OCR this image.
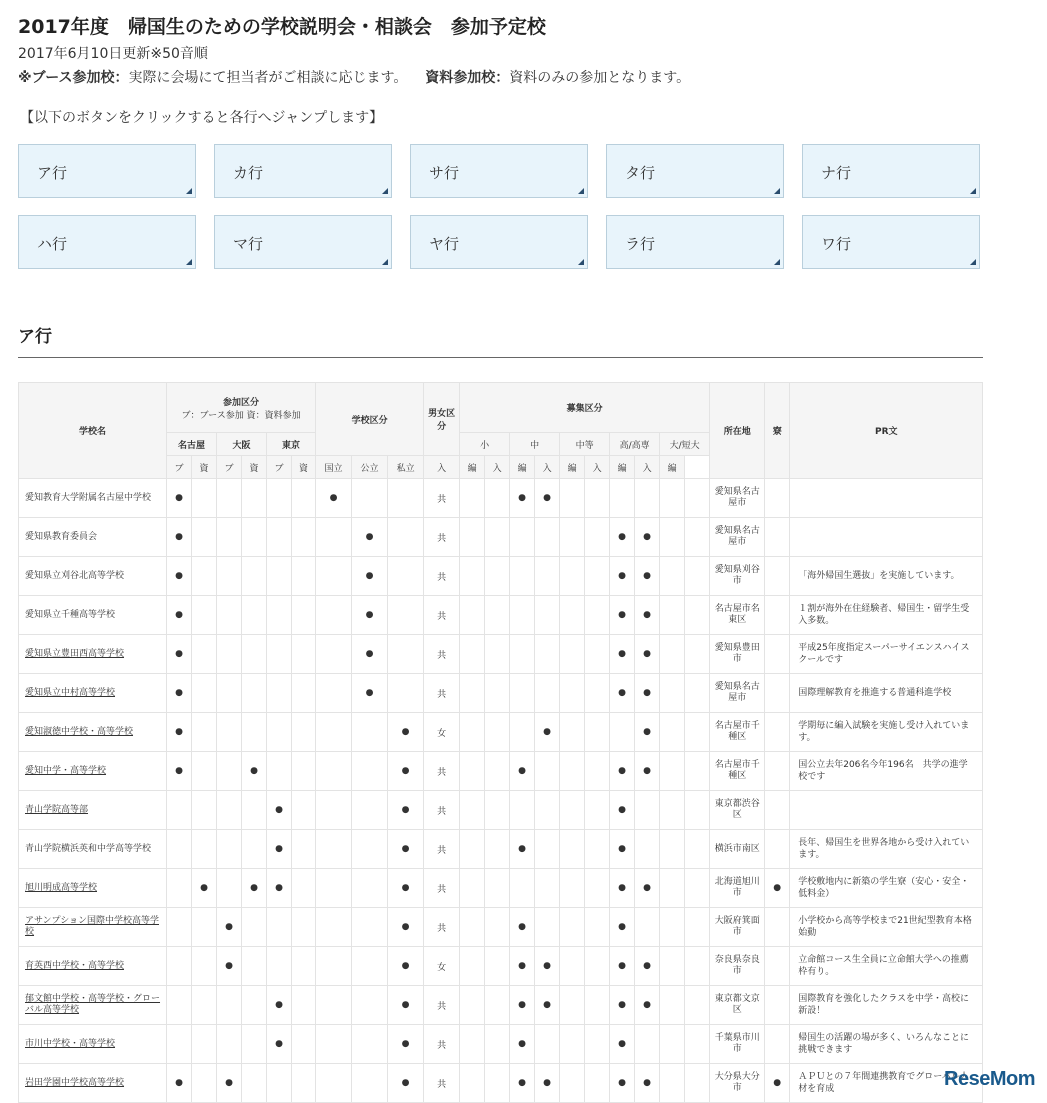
2017年度　帰国生のための学校説明会・相談会　参加予定校
2017年6月10日更新※50音順
※ブース参加校：実際に会場にて担当者がご相談に応じます。 資料参加校：資料のみの参加となります。
【以下のボタンをクリックすると各行へジャンプします】
ア行	カ行	サ行	タ行	ナ行
ハ行	マ行	ヤ行	ラ行	ワ行
ア行
学校名	参加区分
ブ：ブース参加 資：資料参加						学校区分			男女区分	募集区分										所在地	寮	PR文
	名古屋		大阪		東京						小		中		中等		高/高専		大/短大				
	ブ	資	ブ	資	ブ	資	国立	公立	私立	入	編	入	編	入	編	入	編	入	編				
愛知教育大学附属名古屋中学校	●						●			共			●	●							愛知県名古屋市		
愛知県教育委員会	●							●		共							●	●			愛知県名古屋市		
愛知県立刈谷北高等学校	●							●		共							●	●			愛知県刈谷市		「海外帰国生選抜」を実施しています。
愛知県立千種高等学校	●							●		共							●	●			名古屋市名東区		１割が海外在住経験者、帰国生・留学生受入多数。
愛知県立豊田西高等学校	●							●		共							●	●			愛知県豊田市		平成25年度指定スーパーサイエンスハイスクールです
愛知県立中村高等学校	●							●		共							●	●			愛知県名古屋市		国際理解教育を推進する普通科進学校
愛知淑徳中学校・高等学校	●								●	女				●				●			名古屋市千種区		学期毎に編入試験を実施し受け入れています。
愛知中学・高等学校	●			●					●	共			●				●	●			名古屋市千種区		国公立去年206名今年196名　共学の進学校です
青山学院高等部					●				●	共							●				東京都渋谷区		
青山学院横浜英和中学高等学校					●				●	共			●				●				横浜市南区		長年、帰国生を世界各地から受け入れています。
旭川明成高等学校		●		●	●				●	共							●	●			北海道旭川市	●	学校敷地内に新築の学生寮（安心・安全・低料金）
アサンプション国際中学校高等学校			●						●	共			●				●				大阪府箕面市		小学校から高等学校まで21世紀型教育本格始動
育英西中学校・高等学校			●						●	女			●	●			●	●			奈良県奈良市		立命館コース生全員に立命館大学への推薦枠有り。
郁文館中学校・高等学校・グローバル高等学校					●				●	共			●	●			●	●			東京都文京区		国際教育を強化したクラスを中学・高校に新設！
市川中学校・高等学校					●				●	共			●				●				千葉県市川市		帰国生の活躍の場が多く、いろんなことに挑戦できます
岩田学園中学校高等学校	●		●						●	共			●	●			●	●			大分県大分市	●	ＡＰＵとの７年間連携教育でグローバル人材を育成	ReseMom
